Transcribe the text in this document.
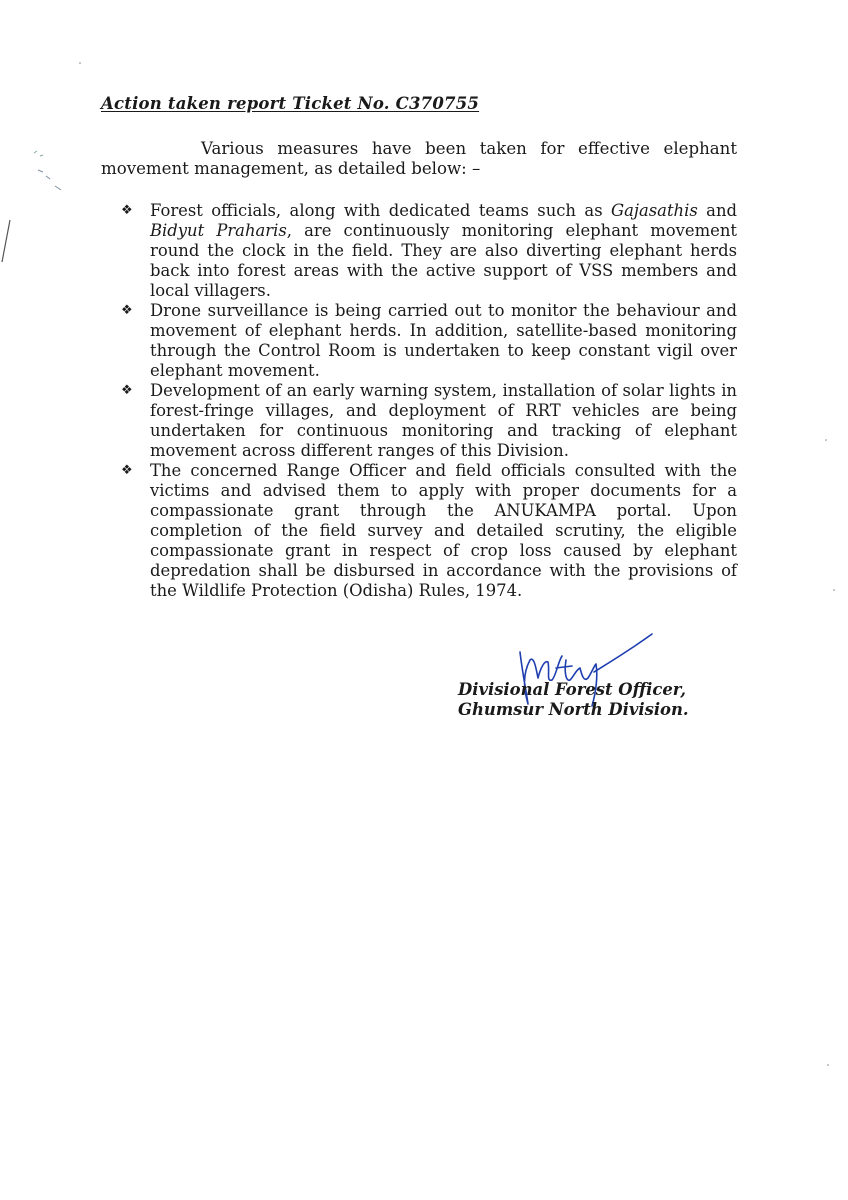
Action taken report Ticket No. C370755

Various measures have been taken for effective elephant movement management, as detailed below: –

❖ Forest officials, along with dedicated teams such as Gajasathis and Bidyut Praharis, are continuously monitoring elephant movement round the clock in the field. They are also diverting elephant herds back into forest areas with the active support of VSS members and local villagers.
❖ Drone surveillance is being carried out to monitor the behaviour and movement of elephant herds. In addition, satellite-based monitoring through the Control Room is undertaken to keep constant vigil over elephant movement.
❖ Development of an early warning system, installation of solar lights in forest-fringe villages, and deployment of RRT vehicles are being undertaken for continuous monitoring and tracking of elephant movement across different ranges of this Division.
❖ The concerned Range Officer and field officials consulted with the victims and advised them to apply with proper documents for a compassionate grant through the ANUKAMPA portal. Upon completion of the field survey and detailed scrutiny, the eligible compassionate grant in respect of crop loss caused by elephant depredation shall be disbursed in accordance with the provisions of the Wildlife Protection (Odisha) Rules, 1974.
Divisional Forest Officer,
Ghumsur North Division.
